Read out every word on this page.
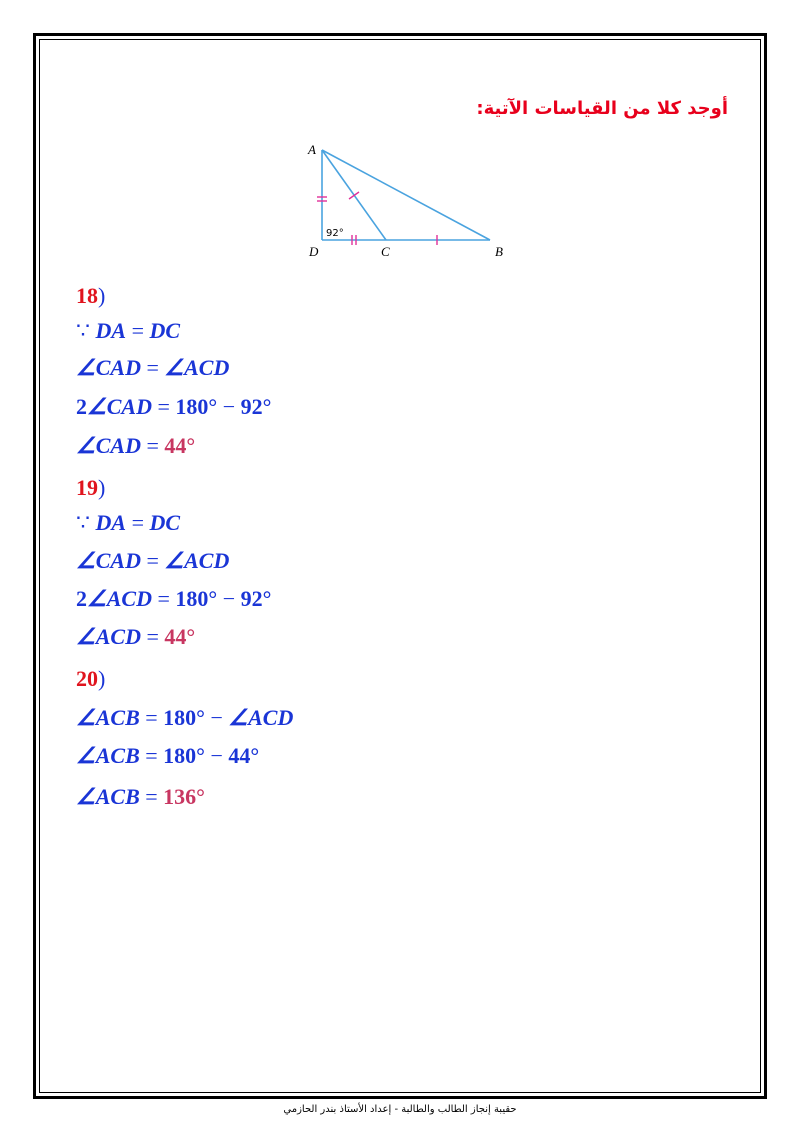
أوجد كلا من القياسات الآتية:
A
D	C	B
92°
18)
∵ DA = DC
∠CAD = ∠ACD
2∠CAD = 180° − 92°
∠CAD = 44°
19)
∵ DA = DC
∠CAD = ∠ACD
2∠ACD = 180° − 92°
∠ACD = 44°
20)
∠ACB = 180° − ∠ACD
∠ACB = 180° − 44°
∠ACB = 136°
حقيبة إنجاز الطالب والطالبة - إعداد الأستاذ بندر الحازمي
